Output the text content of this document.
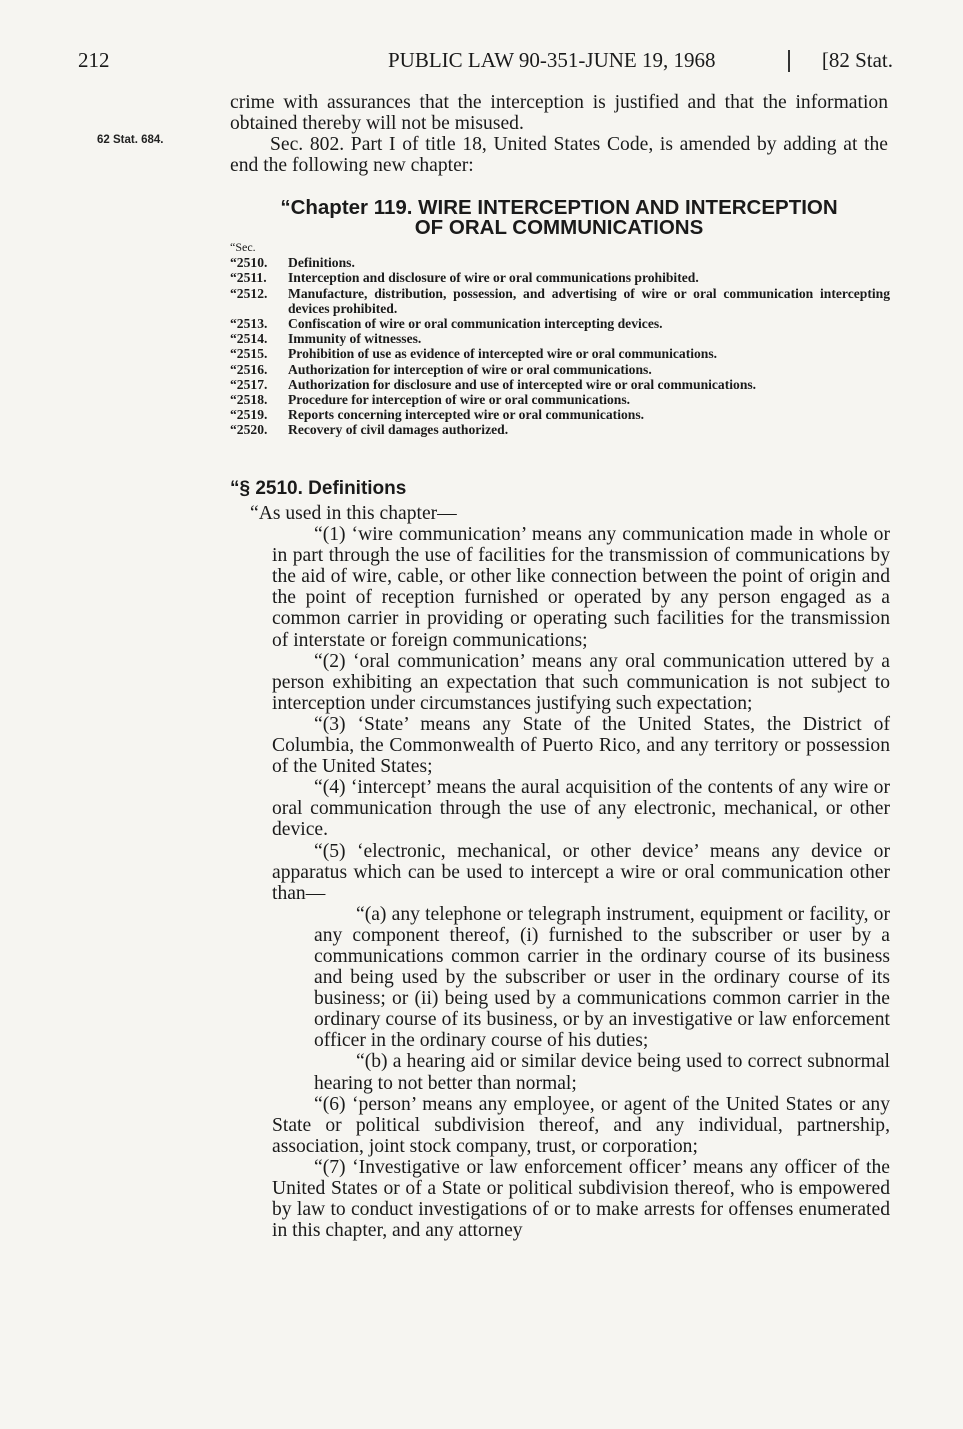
212	PUBLIC LAW 90-351-JUNE 19, 1968	[82 Stat.
62 Stat. 684.

crime with assurances that the interception is justified and that the information obtained thereby will not be misused.

Sec. 802. Part I of title 18, United States Code, is amended by adding at the end the following new chapter:

“Chapter 119. WIRE INTERCEPTION AND INTERCEPTION
OF ORAL COMMUNICATIONS
“Sec.
“2510.	Definitions.
“2511.	Interception and disclosure of wire or oral communications prohibited.
“2512.	Manufacture, distribution, possession, and advertising of wire or oral communication intercepting devices prohibited.
“2513.	Confiscation of wire or oral communication intercepting devices.
“2514.	Immunity of witnesses.
“2515.	Prohibition of use as evidence of intercepted wire or oral communications.
“2516.	Authorization for interception of wire or oral communications.
“2517.	Authorization for disclosure and use of intercepted wire or oral communications.
“2518.	Procedure for interception of wire or oral communications.
“2519.	Reports concerning intercepted wire or oral communications.
“2520.	Recovery of civil damages authorized.
“§ 2510. Definitions

“As used in this chapter—

“(1) ‘wire communication’ means any communication made in whole or in part through the use of facilities for the transmission of communications by the aid of wire, cable, or other like connection between the point of origin and the point of reception furnished or operated by any person engaged as a common carrier in providing or operating such facilities for the transmission of interstate or foreign communications;

“(2) ‘oral communication’ means any oral communication uttered by a person exhibiting an expectation that such communication is not subject to interception under circumstances justifying such expectation;

“(3) ‘State’ means any State of the United States, the District of Columbia, the Commonwealth of Puerto Rico, and any territory or possession of the United States;

“(4) ‘intercept’ means the aural acquisition of the contents of any wire or oral communication through the use of any electronic, mechanical, or other device.

“(5) ‘electronic, mechanical, or other device’ means any device or apparatus which can be used to intercept a wire or oral communication other than—

“(a) any telephone or telegraph instrument, equipment or facility, or any component thereof, (i) furnished to the subscriber or user by a communications common carrier in the ordinary course of its business and being used by the subscriber or user in the ordinary course of its business; or (ii) being used by a communications common carrier in the ordinary course of its business, or by an investigative or law enforcement officer in the ordinary course of his duties;

“(b) a hearing aid or similar device being used to correct subnormal hearing to not better than normal;

“(6) ‘person’ means any employee, or agent of the United States or any State or political subdivision thereof, and any individual, partnership, association, joint stock company, trust, or corporation;

“(7) ‘Investigative or law enforcement officer’ means any officer of the United States or of a State or political subdivision thereof, who is empowered by law to conduct investigations of or to make arrests for offenses enumerated in this chapter, and any attorney
